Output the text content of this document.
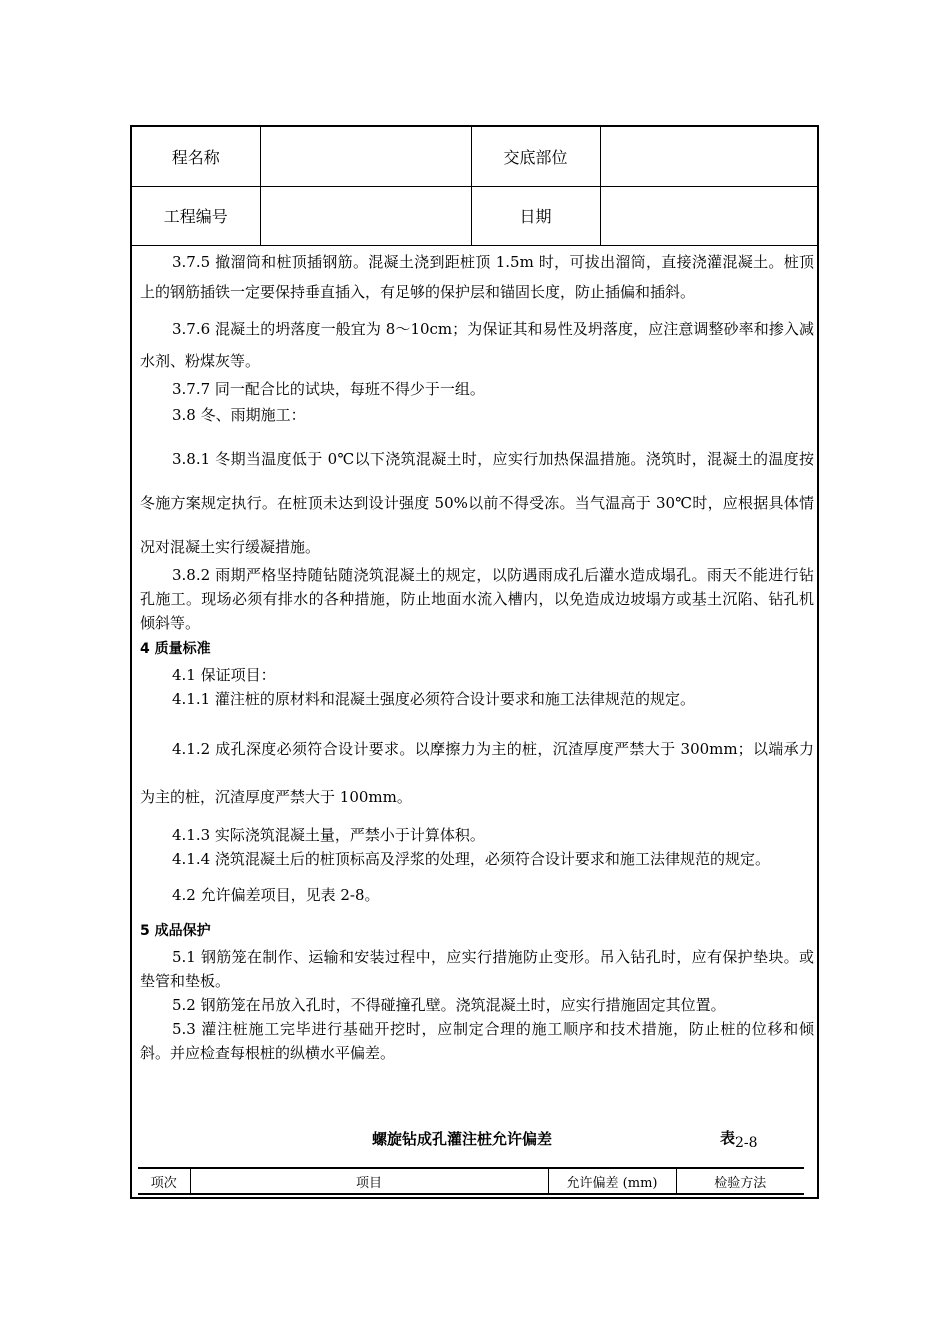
程名称		交底部位	
工程编号		日期	

3.7.5 撤溜筒和桩顶插钢筋。混凝土浇到距桩顶 1.5m 时，可拔出溜筒，直接浇灌混凝土。桩顶上的钢筋插铁一定要保持垂直插入，有足够的保护层和锚固长度，防止插偏和插斜。

3.7.6 混凝土的坍落度一般宜为 8～10cm；为保证其和易性及坍落度，应注意调整砂率和掺入减水剂、粉煤灰等。

3.7.7 同一配合比的试块，每班不得少于一组。

3.8 冬、雨期施工：

3.8.1 冬期当温度低于 0℃以下浇筑混凝土时，应实行加热保温措施。浇筑时，混凝土的温度按冬施方案规定执行。在桩顶未达到设计强度 50%以前不得受冻。当气温高于 30℃时，应根据具体情况对混凝土实行缓凝措施。

3.8.2 雨期严格坚持随钻随浇筑混凝土的规定，以防遇雨成孔后灌水造成塌孔。雨天不能进行钻孔施工。现场必须有排水的各种措施，防止地面水流入槽内，以免造成边坡塌方或基土沉陷、钻孔机倾斜等。

4 质量标准

4.1 保证项目：

4.1.1 灌注桩的原材料和混凝土强度必须符合设计要求和施工法律规范的规定。

4.1.2 成孔深度必须符合设计要求。以摩擦力为主的桩，沉渣厚度严禁大于 300mm；以端承力为主的桩，沉渣厚度严禁大于 100mm。

4.1.3 实际浇筑混凝土量，严禁小于计算体积。

4.1.4 浇筑混凝土后的桩顶标高及浮浆的处理，必须符合设计要求和施工法律规范的规定。

4.2 允许偏差项目，见表 2-8。

5 成品保护

5.1 钢筋笼在制作、运输和安装过程中，应实行措施防止变形。吊入钻孔时，应有保护垫块。或垫管和垫板。

5.2 钢筋笼在吊放入孔时，不得碰撞孔壁。浇筑混凝土时，应实行措施固定其位置。

5.3 灌注桩施工完毕进行基础开挖时，应制定合理的施工顺序和技术措施，防止桩的位移和倾斜。并应检查每根桩的纵横水平偏差。

螺旋钻成孔灌注桩允许偏差	表$_{2-8}$
项次	项目	允许偏差 (mm)	检验方法
